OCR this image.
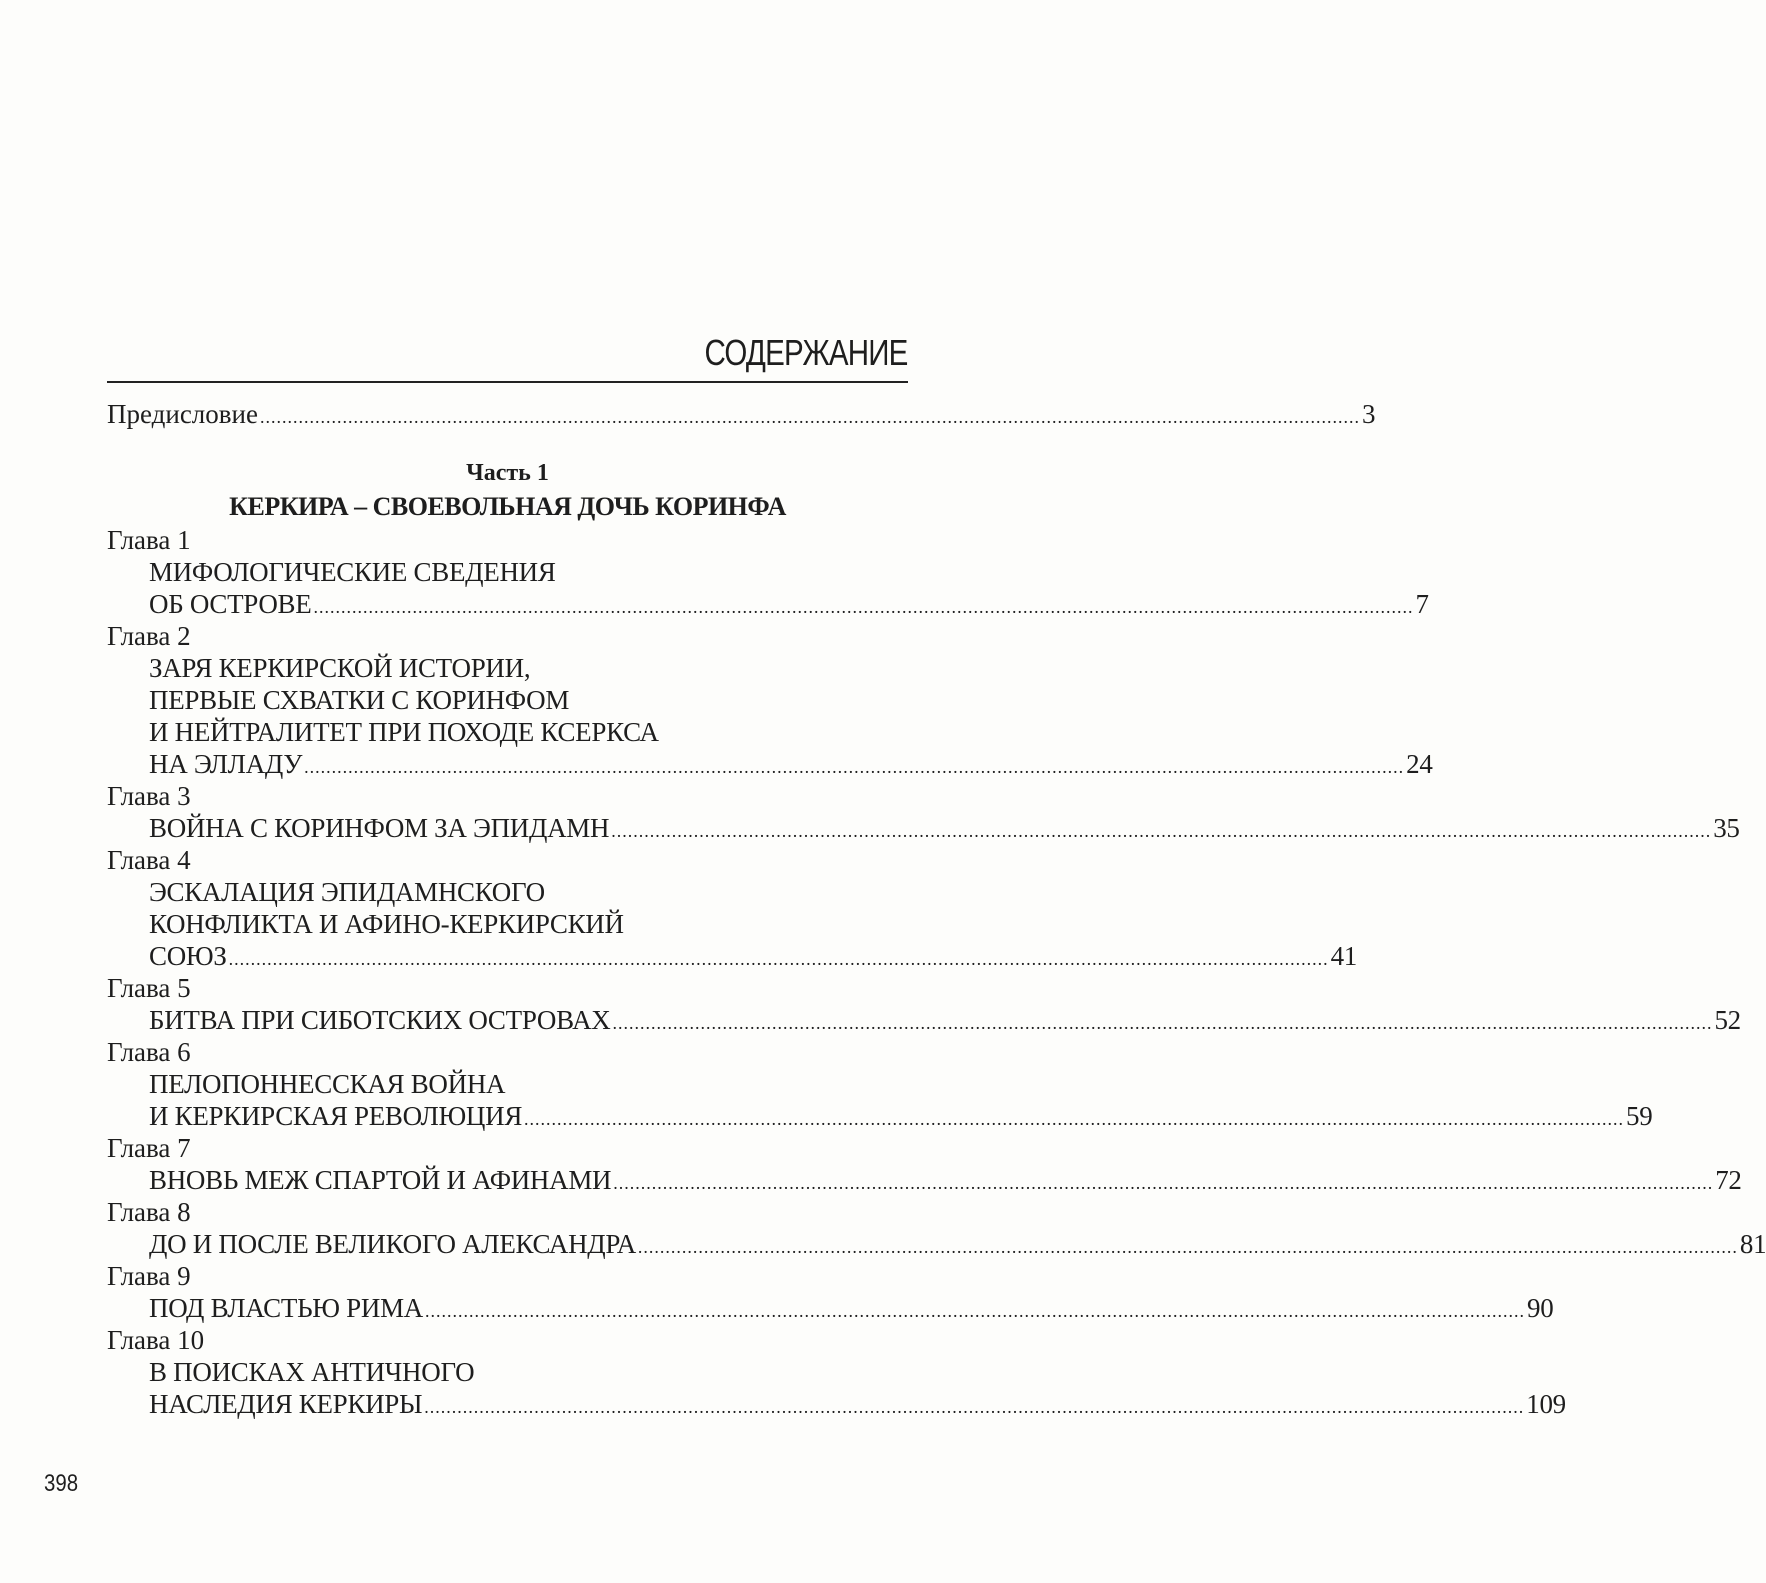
СОДЕРЖАНИЕ
Предисловие ........................................................................................................................................................................................................ 3
Часть 1
КЕРКИРА – СВОЕВОЛЬНАЯ ДОЧЬ КОРИНФА
Глава 1
МИФОЛОГИЧЕСКИЕ СВЕДЕНИЯ
ОБ ОСТРОВЕ ........................................................................................................................................................................................................ 7
Глава 2
ЗАРЯ КЕРКИРСКОЙ ИСТОРИИ,
ПЕРВЫЕ СХВАТКИ С КОРИНФОМ
И НЕЙТРАЛИТЕТ ПРИ ПОХОДЕ КСЕРКСА
НА ЭЛЛАДУ ........................................................................................................................................................................................................ 24
Глава 3
ВОЙНА С КОРИНФОМ ЗА ЭПИДАМН ........................................................................................................................................................................................................ 35
Глава 4
ЭСКАЛАЦИЯ ЭПИДАМНСКОГО
КОНФЛИКТА И АФИНО-КЕРКИРСКИЙ
СОЮЗ ........................................................................................................................................................................................................ 41
Глава 5
БИТВА ПРИ СИБОТСКИХ ОСТРОВАХ ........................................................................................................................................................................................................ 52
Глава 6
ПЕЛОПОННЕССКАЯ ВОЙНА
И КЕРКИРСКАЯ РЕВОЛЮЦИЯ ........................................................................................................................................................................................................ 59
Глава 7
ВНОВЬ МЕЖ СПАРТОЙ И АФИНАМИ ........................................................................................................................................................................................................ 72
Глава 8
ДО И ПОСЛЕ ВЕЛИКОГО АЛЕКСАНДРА ........................................................................................................................................................................................................ 81
Глава 9
ПОД ВЛАСТЬЮ РИМА ........................................................................................................................................................................................................ 90
Глава 10
В ПОИСКАХ АНТИЧНОГО
НАСЛЕДИЯ КЕРКИРЫ ........................................................................................................................................................................................................ 109
398
